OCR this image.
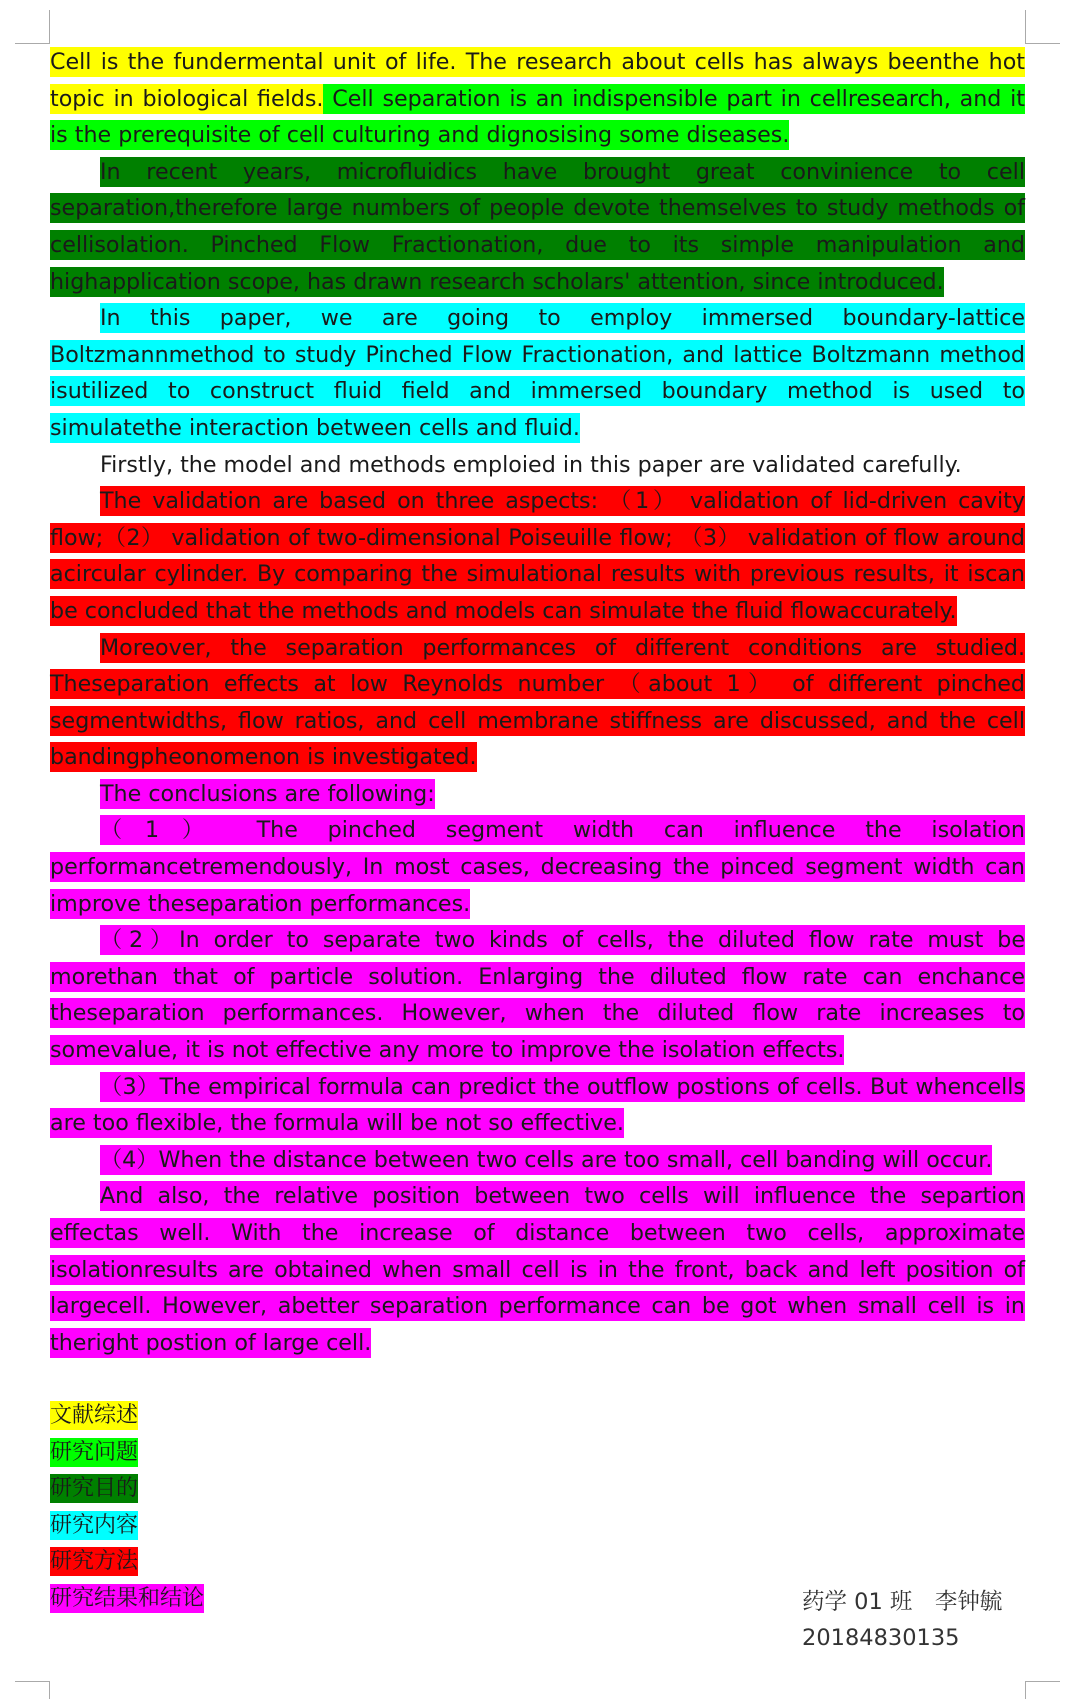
Cell is the fundermental unit of life. The research about cells has always beenthe hot topic in biological fields. Cell separation is an indispensible part in cellresearch, and it is the prerequisite of cell culturing and dignosising some diseases.

In recent years, microfluidics have brought great convinience to cell separation,therefore large numbers of people devote themselves to study methods of cellisolation. Pinched Flow Fractionation, due to its simple manipulation and highapplication scope, has drawn research scholars' attention, since introduced.

In this paper, we are going to employ immersed boundary-lattice Boltzmannmethod to study Pinched Flow Fractionation, and lattice Boltzmann method isutilized to construct fluid field and immersed boundary method is used to simulatethe interaction between cells and fluid.

Firstly, the model and methods emploied in this paper are validated carefully.

The validation are based on three aspects: （1） validation of lid-driven cavity flow;（2） validation of two-dimensional Poiseuille flow; （3） validation of flow around acircular cylinder. By comparing the simulational results with previous results, it iscan be concluded that the methods and models can simulate the fluid flowaccurately.

Moreover, the separation performances of different conditions are studied. Theseparation effects at low Reynolds number （about 1） of different pinched segmentwidths, flow ratios, and cell membrane stiffness are discussed, and the cell bandingpheonomenon is investigated.

The conclusions are following:

（1） The pinched segment width can influence the isolation performancetremendously, In most cases, decreasing the pinced segment width can improve theseparation performances.

（2）In order to separate two kinds of cells, the diluted flow rate must be morethan that of particle solution. Enlarging the diluted flow rate can enchance theseparation performances. However, when the diluted flow rate increases to somevalue, it is not effective any more to improve the isolation effects.

（3）The empirical formula can predict the outflow postions of cells. But whencells are too flexible, the formula will be not so effective.

（4）When the distance between two cells are too small, cell banding will occur.

And also, the relative position between two cells will influence the separtion effectas well. With the increase of distance between two cells, approximate isolationresults are obtained when small cell is in the front, back and left position of largecell. However, abetter separation performance can be got when small cell is in theright postion of large cell.

文献综述
研究问题
研究目的
研究内容
研究方法
研究结果和结论	药学 01 班　李钟毓
20184830135
